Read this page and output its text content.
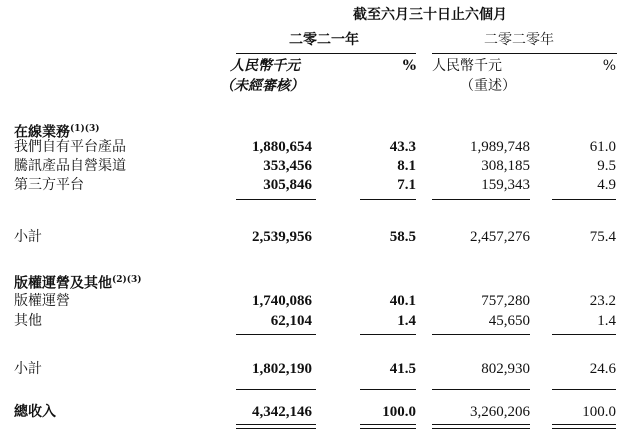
截至六月三十日止六個月
二零二一年	二零二零年
人民幣千元	% 人民幣千元	%
（未經審核）	（重述）
在線業務$^{(1)(3)}$
我們自有平台產品	1,880,654	43.3	1,989,748	61.0
騰訊產品自營渠道	353,456	8.1	308,185	9.5
第三方平台	305,846	7.1	159,343	4.9
小計	2,539,956	58.5	2,457,276	75.4
版權運營及其他$^{(2)(3)}$
版權運營	1,740,086	40.1	757,280	23.2
其他	62,104	1.4	45,650	1.4
小計	1,802,190	41.5	802,930	24.6
總收入	4,342,146	100.0	3,260,206	100.0
